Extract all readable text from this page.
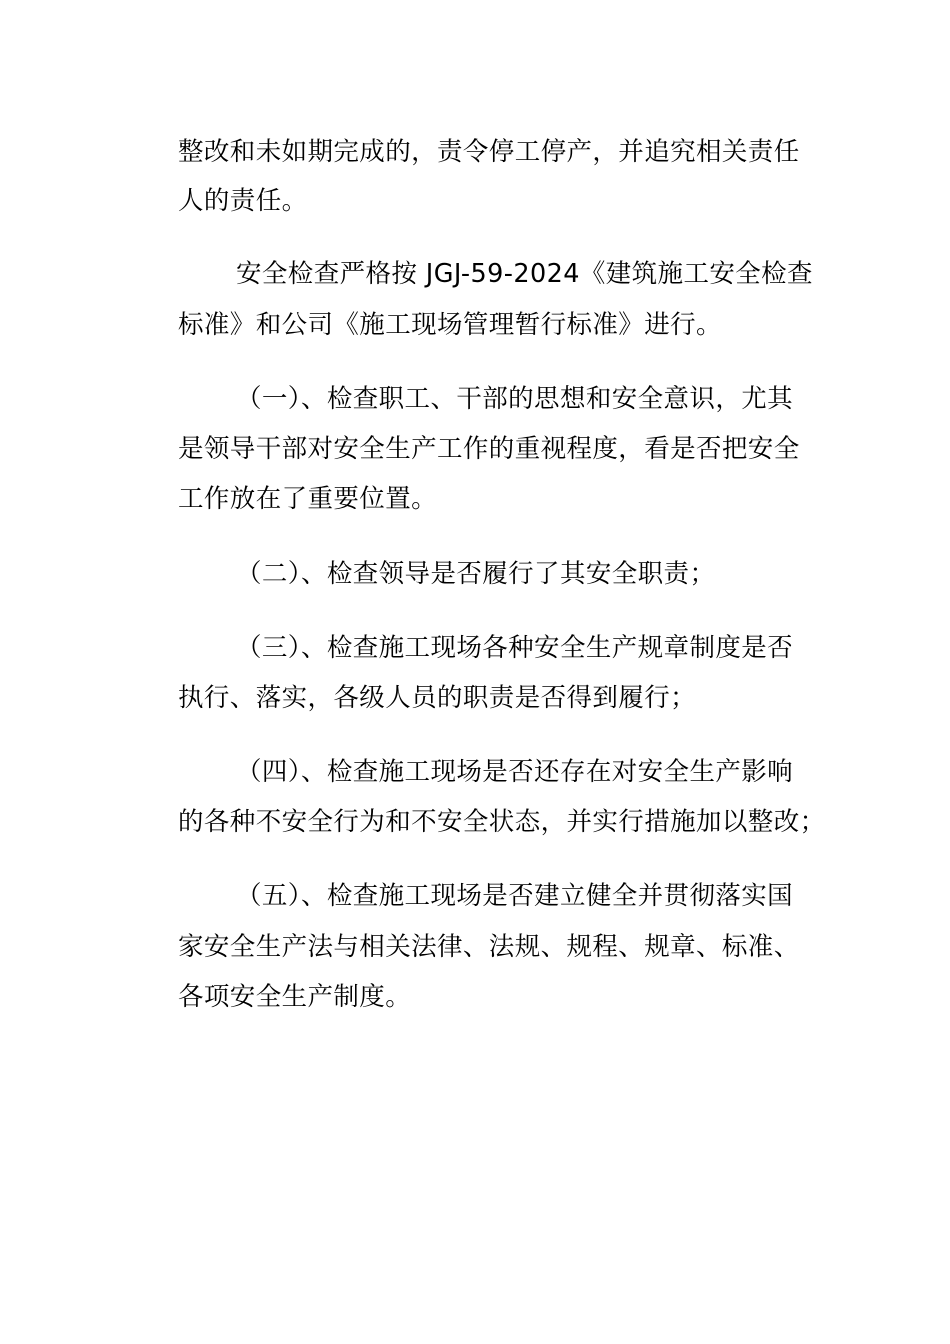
整改和未如期完成的，责令停工停产，并追究相关责任
人的责任。
安全检查严格按 JGJ-59-2024《建筑施工安全检查
标准》和公司《施工现场管理暂行标准》进行。
（一）、检查职工、干部的思想和安全意识，尤其
是领导干部对安全生产工作的重视程度，看是否把安全
工作放在了重要位置。
（二）、检查领导是否履行了其安全职责；
（三）、检查施工现场各种安全生产规章制度是否
执行、落实，各级人员的职责是否得到履行；
（四）、检查施工现场是否还存在对安全生产影响
的各种不安全行为和不安全状态，并实行措施加以整改；
（五）、检查施工现场是否建立健全并贯彻落实国
家安全生产法与相关法律、法规、规程、规章、标准、
各项安全生产制度。
